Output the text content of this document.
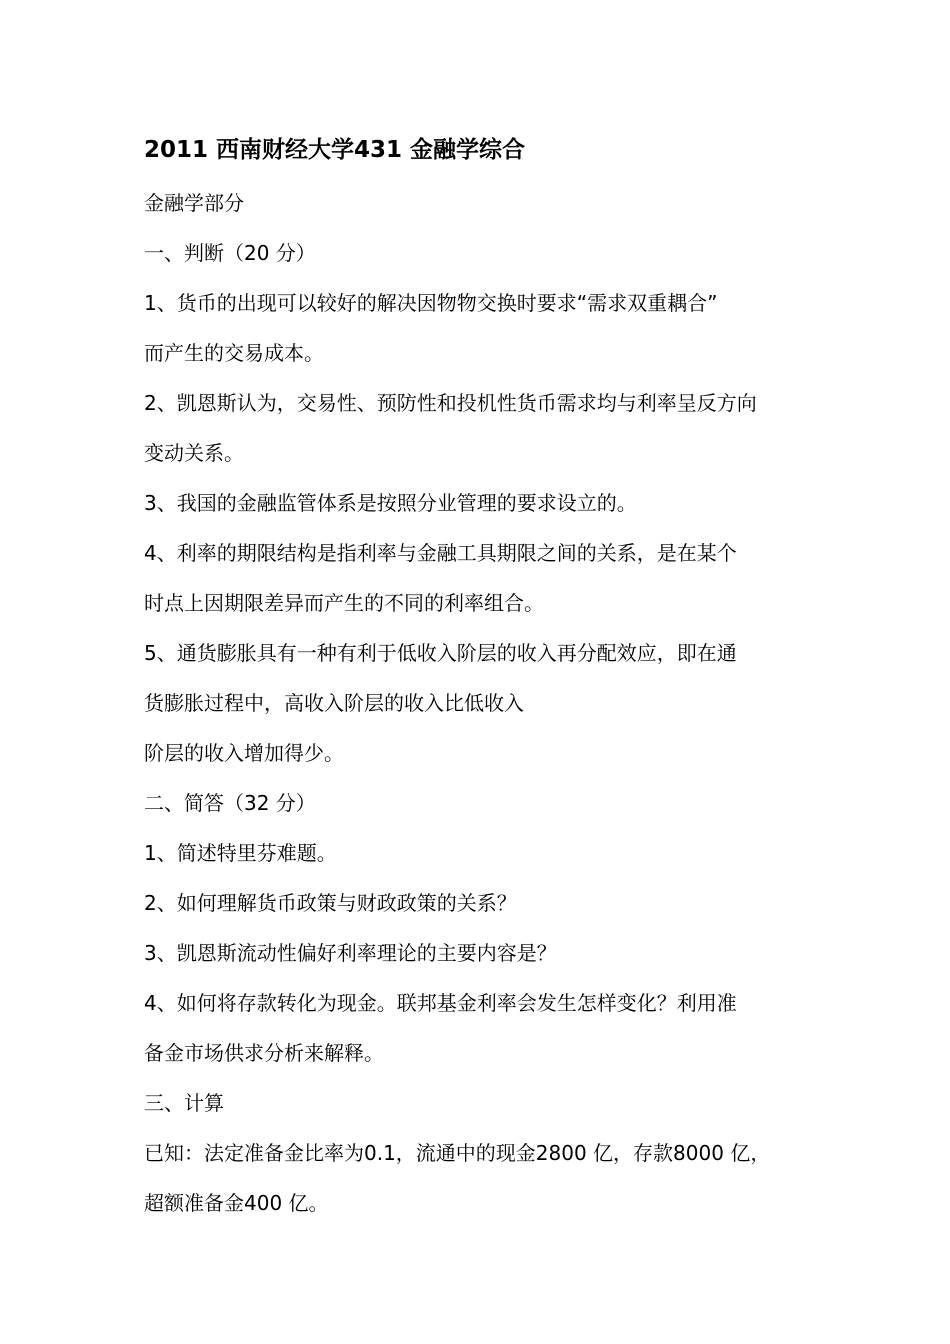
2011 西南财经大学431 金融学综合
金融学部分
一、判断（20 分）
1、货币的出现可以较好的解决因物物交换时要求“需求双重耦合”
而产生的交易成本。
2、凯恩斯认为，交易性、预防性和投机性货币需求均与利率呈反方向
变动关系。
3、我国的金融监管体系是按照分业管理的要求设立的。
4、利率的期限结构是指利率与金融工具期限之间的关系，是在某个
时点上因期限差异而产生的不同的利率组合。
5、通货膨胀具有一种有利于低收入阶层的收入再分配效应，即在通
货膨胀过程中，高收入阶层的收入比低收入
阶层的收入增加得少。
二、简答（32 分）
1、简述特里芬难题。
2、如何理解货币政策与财政政策的关系？
3、凯恩斯流动性偏好利率理论的主要内容是？
4、如何将存款转化为现金。联邦基金利率会发生怎样变化？利用准
备金市场供求分析来解释。
三、计算
已知：法定准备金比率为0.1，流通中的现金2800 亿，存款8000 亿，
超额准备金400 亿。
